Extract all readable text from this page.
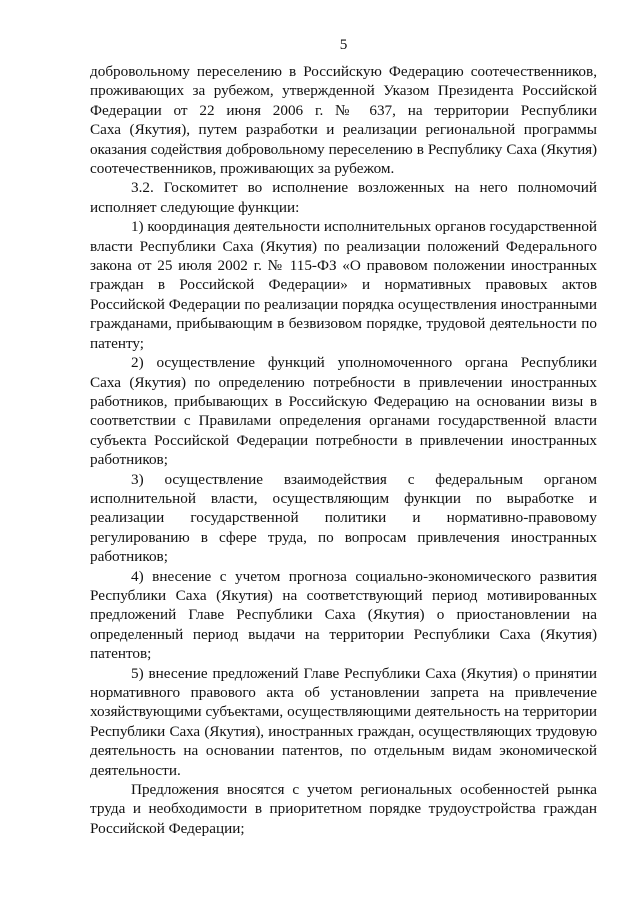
5
добровольному переселению в Российскую Федерацию соотечественников,
проживающих за рубежом, утвержденной Указом Президента Российской
Федерации от 22 июня 2006 г. № 637, на территории Республики
Саха (Якутия), путем разработки и реализации региональной программы
оказания содействия добровольному переселению в Республику Саха (Якутия)
соотечественников, проживающих за рубежом.
3.2. Госкомитет во исполнение возложенных на него полномочий
исполняет следующие функции:
1) координация деятельности исполнительных органов государственной
власти Республики Саха (Якутия) по реализации положений Федерального
закона от 25 июля 2002 г. № 115-ФЗ «О правовом положении иностранных
граждан в Российской Федерации» и нормативных правовых актов
Российской Федерации по реализации порядка осуществления иностранными
гражданами, прибывающим в безвизовом порядке, трудовой деятельности по
патенту;
2) осуществление функций уполномоченного органа Республики
Саха (Якутия) по определению потребности в привлечении иностранных
работников, прибывающих в Российскую Федерацию на основании визы в
соответствии с Правилами определения органами государственной власти
субъекта Российской Федерации потребности в привлечении иностранных
работников;
3) осуществление взаимодействия с федеральным органом
исполнительной власти, осуществляющим функции по выработке и
реализации государственной политики и нормативно-правовому
регулированию в сфере труда, по вопросам привлечения иностранных
работников;
4) внесение с учетом прогноза социально-экономического развития
Республики Саха (Якутия) на соответствующий период мотивированных
предложений Главе Республики Саха (Якутия) о приостановлении на
определенный период выдачи на территории Республики Саха (Якутия)
патентов;
5) внесение предложений Главе Республики Саха (Якутия) о принятии
нормативного правового акта об установлении запрета на привлечение
хозяйствующими субъектами, осуществляющими деятельность на территории
Республики Саха (Якутия), иностранных граждан, осуществляющих трудовую
деятельность на основании патентов, по отдельным видам экономической
деятельности.
Предложения вносятся с учетом региональных особенностей рынка
труда и необходимости в приоритетном порядке трудоустройства граждан
Российской Федерации;
